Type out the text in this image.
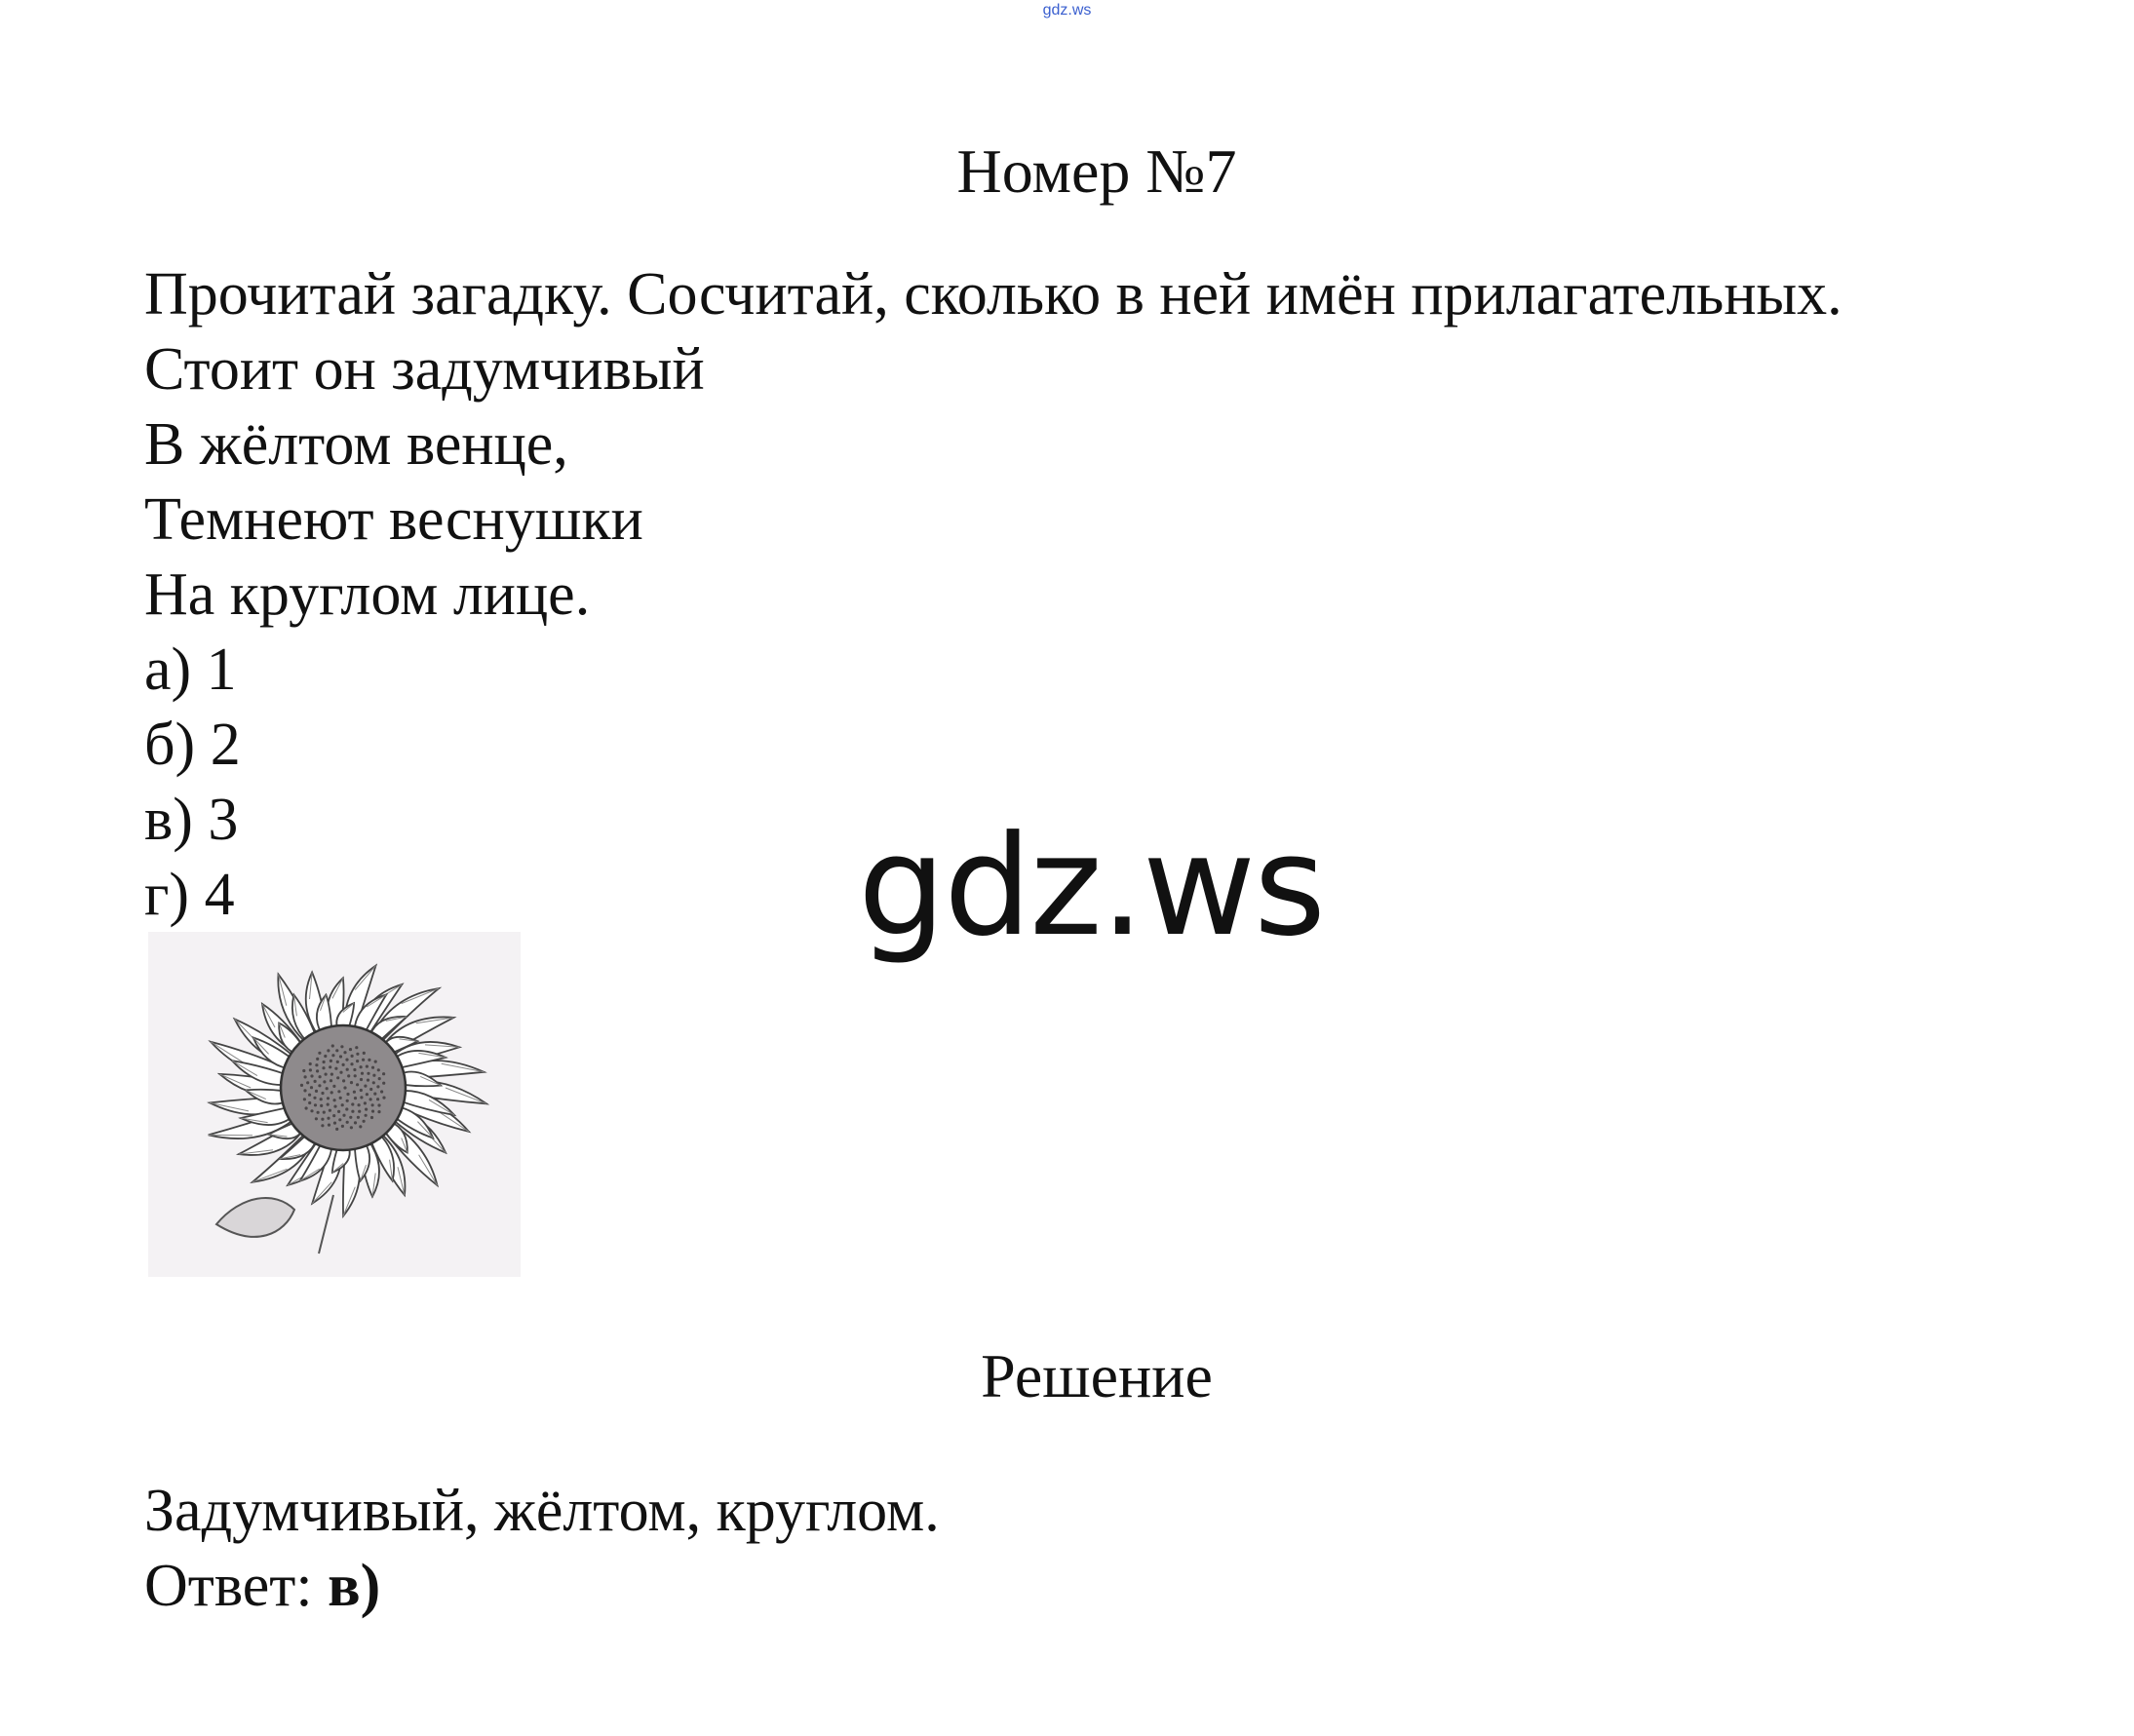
gdz.ws
Номер №7
Прочитай загадку. Сосчитай, сколько в ней имён прилагательных.
Стоит он задумчивый
В жёлтом венце,
Темнеют веснушки
На круглом лице.
а) 1
б) 2
в) 3
г) 4	gdz.ws
Решение
Задумчивый, жёлтом, круглом.
Ответ: в)
